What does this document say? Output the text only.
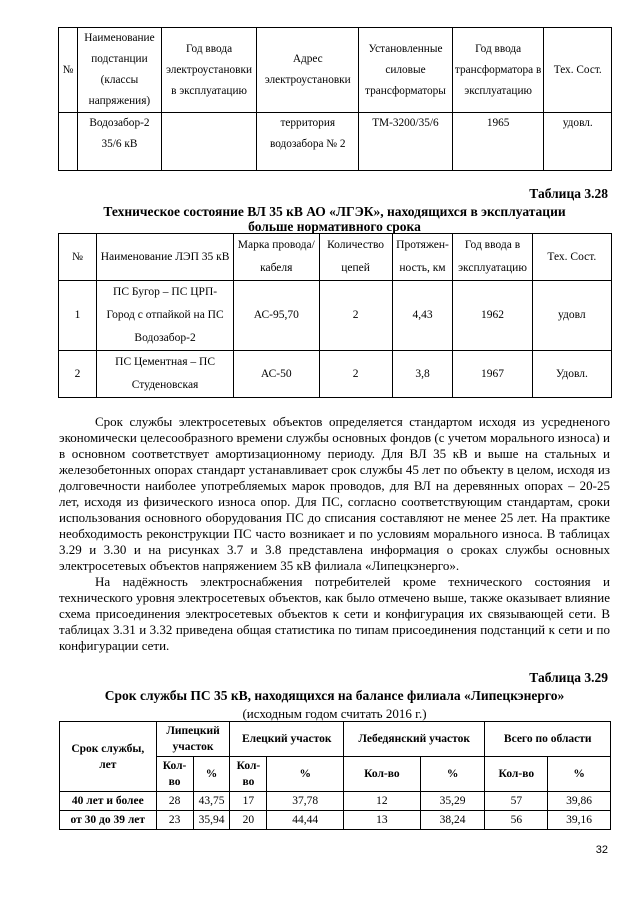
№	Наименование подстанции (классы напряжения)	Год ввода электроустановки в эксплуатацию	Адрес электроустановки	Установленные силовые трансформаторы	Год ввода трансформатора в эксплуатацию	Тех. Сост.
	Водозабор-2 35/6 кВ		территория водозабора № 2	ТМ-3200/35/6	1965	удовл.
Таблица 3.28
Техническое состояние ВЛ 35 кВ АО «ЛГЭК», находящихся в эксплуатации
больше нормативного срока
№	Наименование ЛЭП 35 кВ	Марка провода/кабеля	Количество цепей	Протяжен-ность, км	Год ввода в эксплуатацию	Тех. Сост.
1	ПС Бугор – ПС ЦРП-Город с отпайкой на ПС Водозабор-2	АС-95,70	2	4,43	1962	удовл
2	ПС Цементная – ПС Студеновская	АС-50	2	3,8	1967	Удовл.

Срок службы электросетевых объектов определяется стандартом исходя из усредненого экономически целесообразного времени службы основных фондов (с учетом морального износа) и в основном соответствует амортизационному периоду. Для ВЛ 35 кВ и выше на стальных и железобетонных опорах стандарт устанавливает срок службы 45 лет по объекту в целом, исходя из долговечности наиболее употребляемых марок проводов, для ВЛ на деревянных опорах – 20-25 лет, исходя из физического износа опор. Для ПС, согласно соответствующим стандартам, сроки использования основного оборудования ПС до списания составляют не менее 25 лет. На практике необходимость реконструкции ПС часто возникает и по условиям морального износа. В таблицах 3.29 и 3.30 и на рисунках 3.7 и 3.8 представлена информация о сроках службы основных электросетевых объектов напряжением 35 кВ филиала «Липецкэнерго».

На надёжность электроснабжения потребителей кроме технического состояния и технического уровня электросетевых объектов, как было отмечено выше, также оказывает влияние схема присоединения электросетевых объектов к сети и конфигурация их связывающей сети. В таблицах 3.31 и 3.32 приведена общая статистика по типам присоединения подстанций к сети и по конфигурации сети.

Таблица 3.29
Срок службы ПС 35 кВ, находящихся на балансе филиала «Липецкэнерго»
(исходным годом считать 2016 г.)
Срок службы, лет	Липецкий участок		Елецкий участок		Лебедянский участок		Всего по области	
	Кол-во	%	Кол-во	%	Кол-во	%	Кол-во	%
40 лет и более	28	43,75	17	37,78	12	35,29	57	39,86
от 30 до 39 лет	23	35,94	20	44,44	13	38,24	56	39,16
32
